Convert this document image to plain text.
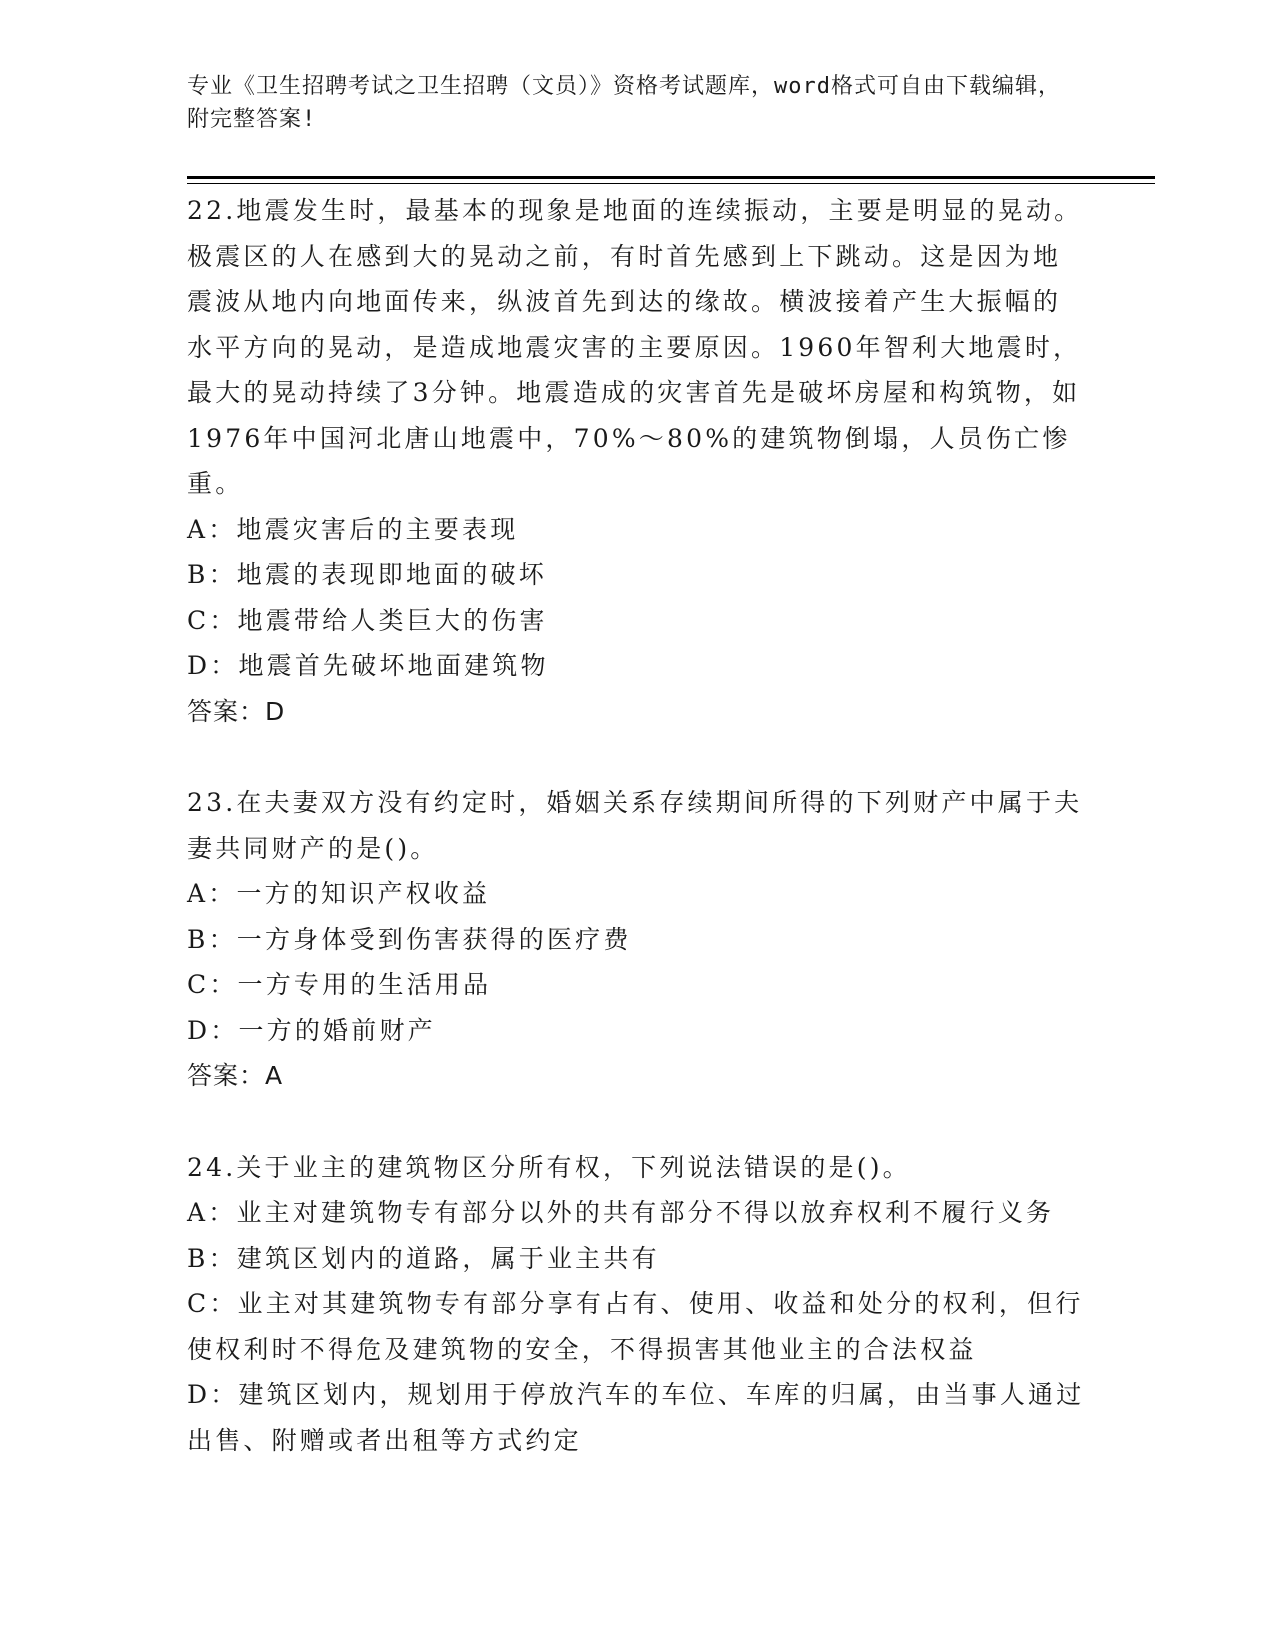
专业《卫生招聘考试之卫生招聘（文员）》资格考试题库，word格式可自由下载编辑，附完整答案!

22.地震发生时，最基本的现象是地面的连续振动，主要是明显的晃动。极震区的人在感到大的晃动之前，有时首先感到上下跳动。这是因为地震波从地内向地面传来，纵波首先到达的缘故。横波接着产生大振幅的水平方向的晃动，是造成地震灾害的主要原因。1960年智利大地震时，最大的晃动持续了3分钟。地震造成的灾害首先是破坏房屋和构筑物，如1976年中国河北唐山地震中，70%～80%的建筑物倒塌，人员伤亡惨重。

A：地震灾害后的主要表现

B：地震的表现即地面的破坏

C：地震带给人类巨大的伤害

D：地震首先破坏地面建筑物

答案：D

23.在夫妻双方没有约定时，婚姻关系存续期间所得的下列财产中属于夫妻共同财产的是()。

A：一方的知识产权收益

B：一方身体受到伤害获得的医疗费

C：一方专用的生活用品

D：一方的婚前财产

答案：A

24.关于业主的建筑物区分所有权，下列说法错误的是()。

A：业主对建筑物专有部分以外的共有部分不得以放弃权利不履行义务

B：建筑区划内的道路，属于业主共有

C：业主对其建筑物专有部分享有占有、使用、收益和处分的权利，但行使权利时不得危及建筑物的安全，不得损害其他业主的合法权益

D：建筑区划内，规划用于停放汽车的车位、车库的归属，由当事人通过出售、附赠或者出租等方式约定
